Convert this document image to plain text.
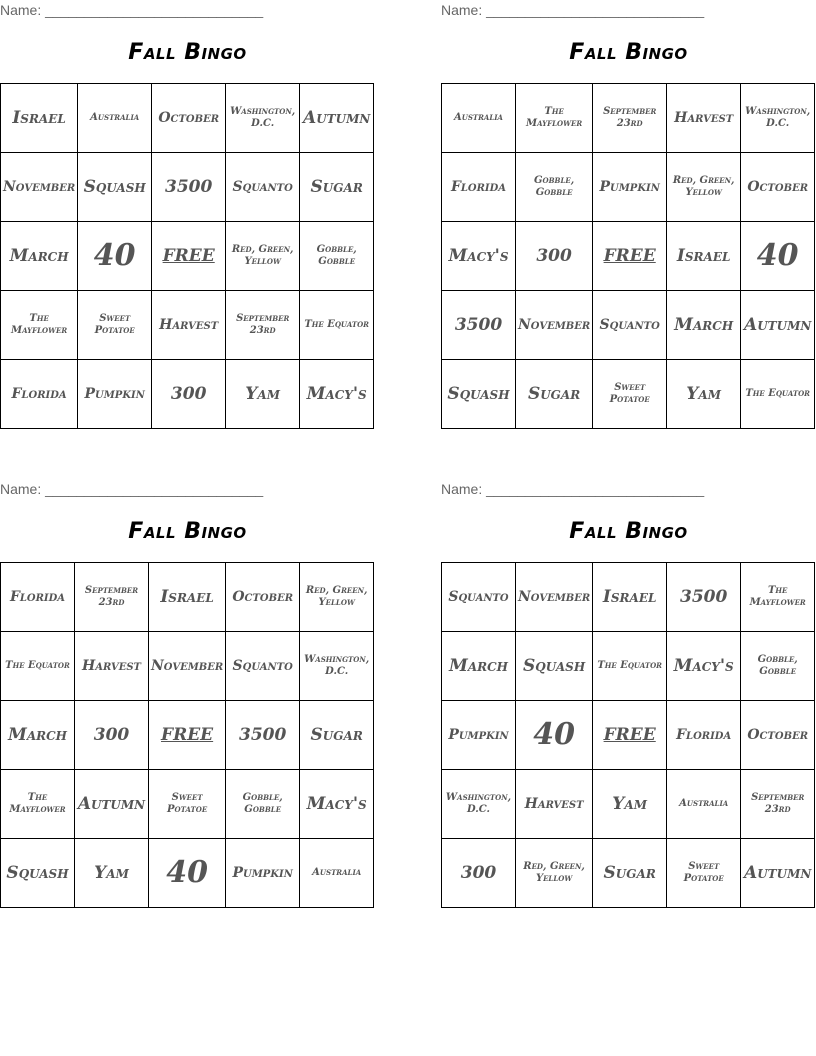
Name: ____________________________
Fall Bingo
Israel	Australia	October	Washington, D.C.	Autumn
November	Squash	3500	Squanto	Sugar
March	40	FREE	Red, Green, Yellow	Gobble, Gobble
The Mayflower	Sweet Potatoe	Harvest	September 23rd	The Equator
Florida	Pumpkin	300	Yam	Macy's
Name: ____________________________
Fall Bingo
Australia	The Mayflower	September 23rd	Harvest	Washington, D.C.
Florida	Gobble, Gobble	Pumpkin	Red, Green, Yellow	October
Macy's	300	FREE	Israel	40
3500	November	Squanto	March	Autumn
Squash	Sugar	Sweet Potatoe	Yam	The Equator
Name: ____________________________
Fall Bingo
Florida	September 23rd	Israel	October	Red, Green, Yellow
The Equator	Harvest	November	Squanto	Washington, D.C.
March	300	FREE	3500	Sugar
The Mayflower	Autumn	Sweet Potatoe	Gobble, Gobble	Macy's
Squash	Yam	40	Pumpkin	Australia
Name: ____________________________
Fall Bingo
Squanto	November	Israel	3500	The Mayflower
March	Squash	The Equator	Macy's	Gobble, Gobble
Pumpkin	40	FREE	Florida	October
Washington, D.C.	Harvest	Yam	Australia	September 23rd
300	Red, Green, Yellow	Sugar	Sweet Potatoe	Autumn
